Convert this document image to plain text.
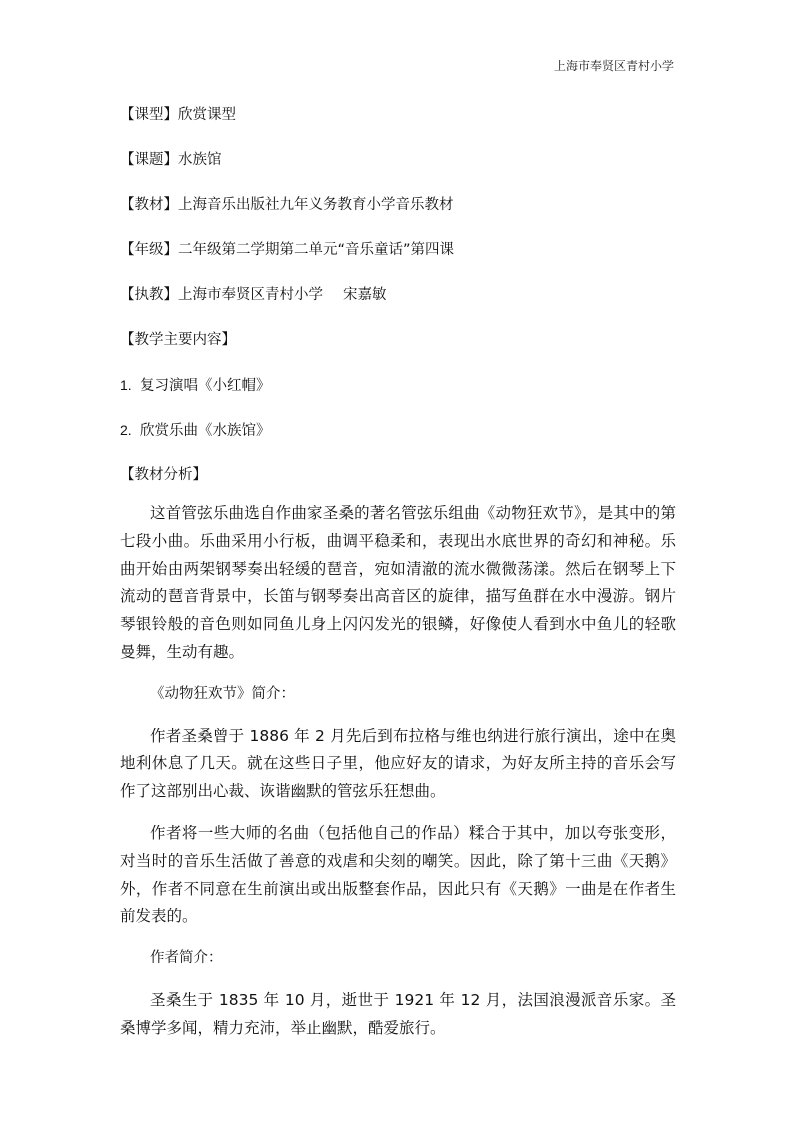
上海市奉贤区青村小学
【课型】欣赏课型
【课题】水族馆
【教材】上海音乐出版社九年义务教育小学音乐教材
【年级】二年级第二学期第二单元“音乐童话”第四课
【执教】上海市奉贤区青村小学 宋嘉敏
【教学主要内容】
1. 复习演唱《小红帽》
2. 欣赏乐曲《水族馆》
【教材分析】

这首管弦乐曲选自作曲家圣桑的著名管弦乐组曲《动物狂欢节》，是其中的第七段小曲。乐曲采用小行板，曲调平稳柔和，表现出水底世界的奇幻和神秘。乐曲开始由两架钢琴奏出轻缓的琶音，宛如清澈的流水微微荡漾。然后在钢琴上下流动的琶音背景中，长笛与钢琴奏出高音区的旋律，描写鱼群在水中漫游。钢片琴银铃般的音色则如同鱼儿身上闪闪发光的银鳞，好像使人看到水中鱼儿的轻歌曼舞，生动有趣。

《动物狂欢节》简介：

作者圣桑曾于 1886 年 2 月先后到布拉格与维也纳进行旅行演出，途中在奥地利休息了几天。就在这些日子里，他应好友的请求，为好友所主持的音乐会写作了这部别出心裁、诙谐幽默的管弦乐狂想曲。

作者将一些大师的名曲（包括他自己的作品）糅合于其中，加以夸张变形，对当时的音乐生活做了善意的戏虐和尖刻的嘲笑。因此，除了第十三曲《天鹅》外，作者不同意在生前演出或出版整套作品，因此只有《天鹅》一曲是在作者生前发表的。

作者简介：

圣桑生于 1835 年 10 月，逝世于 1921 年 12 月，法国浪漫派音乐家。圣桑博学多闻，精力充沛，举止幽默，酷爱旅行。
